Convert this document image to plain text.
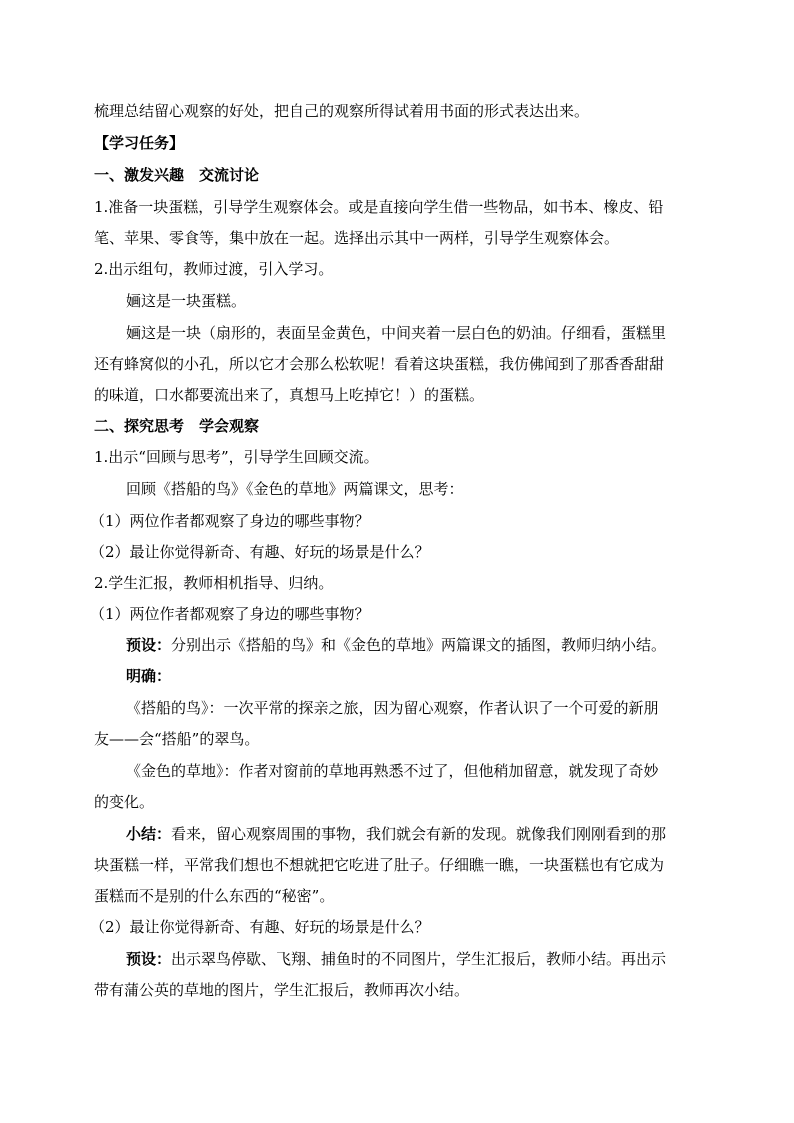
梳理总结留心观察的好处，把自己的观察所得试着用书面的形式表达出来。
【学习任务】
一、激发兴趣　交流讨论
1.准备一块蛋糕，引导学生观察体会。或是直接向学生借一些物品，如书本、橡皮、铅
笔、苹果、零食等，集中放在一起。选择出示其中一两样，引导学生观察体会。
2.出示组句，教师过渡，引入学习。
婳这是一块蛋糕。
婳这是一块（扇形的，表面呈金黄色，中间夹着一层白色的奶油。仔细看，蛋糕里
还有蜂窝似的小孔，所以它才会那么松软呢！看着这块蛋糕，我仿佛闻到了那香香甜甜
的味道，口水都要流出来了，真想马上吃掉它！）的蛋糕。
二、探究思考　学会观察
1.出示“回顾与思考”，引导学生回顾交流。
回顾《搭船的鸟》《金色的草地》两篇课文，思考：
（1）两位作者都观察了身边的哪些事物？
（2）最让你觉得新奇、有趣、好玩的场景是什么？
2.学生汇报，教师相机指导、归纳。
（1）两位作者都观察了身边的哪些事物？
预设：分别出示《搭船的鸟》和《金色的草地》两篇课文的插图，教师归纳小结。
明确：
《搭船的鸟》：一次平常的探亲之旅，因为留心观察，作者认识了一个可爱的新朋
友——会“搭船”的翠鸟。
《金色的草地》：作者对窗前的草地再熟悉不过了，但他稍加留意，就发现了奇妙
的变化。
小结：看来，留心观察周围的事物，我们就会有新的发现。就像我们刚刚看到的那
块蛋糕一样，平常我们想也不想就把它吃进了肚子。仔细瞧一瞧，一块蛋糕也有它成为
蛋糕而不是别的什么东西的“秘密”。
（2）最让你觉得新奇、有趣、好玩的场景是什么？
预设：出示翠鸟停歇、飞翔、捕鱼时的不同图片，学生汇报后，教师小结。再出示
带有蒲公英的草地的图片，学生汇报后，教师再次小结。
